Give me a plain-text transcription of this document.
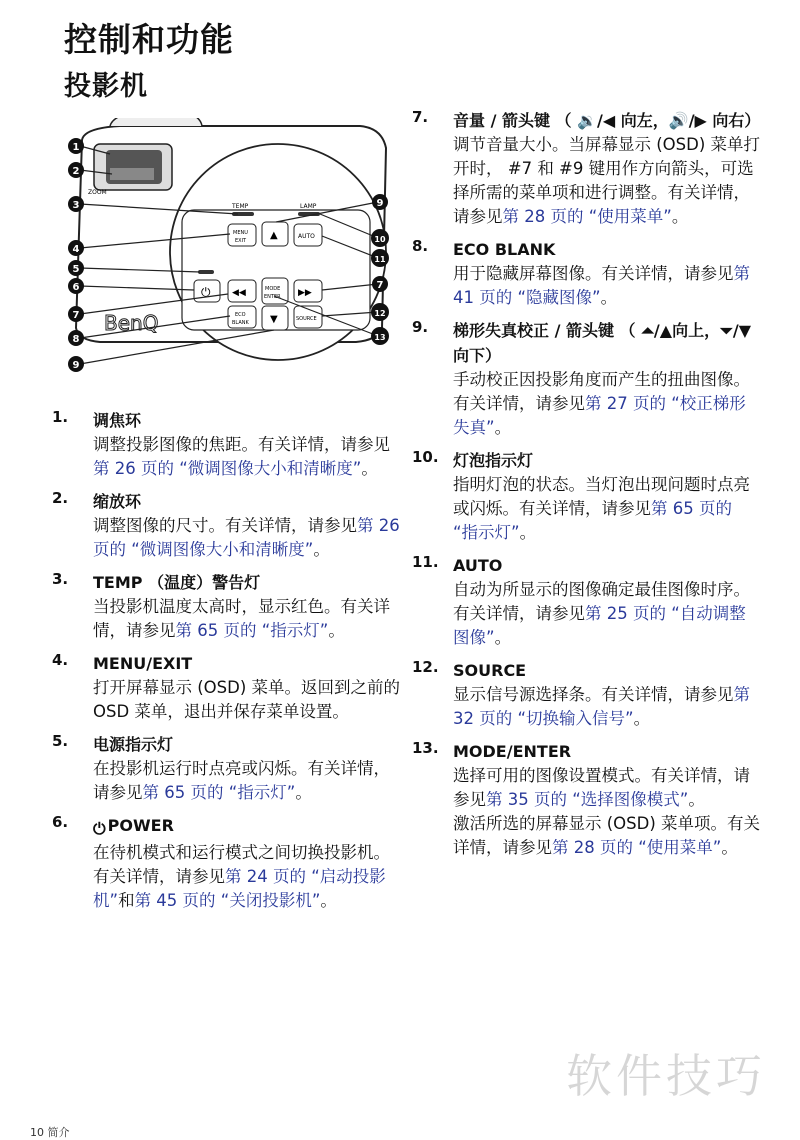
控制和功能
投影机
ZOOM
BenQ
TEMP	LAMP
MENU
EXIT ▲	AUTO
⏻ ◀◀	MODE
ENTER ▶▶
ECO
BLANK ▼	SOURCE
1
2
3
4
5
6
7
8
9
9
10
11
7
12
13
1. 调焦环
调整投影图像的焦距。有关详情，请参见第 26 页的 “微调图像大小和清晰度”。
2. 缩放环
调整图像的尺寸。有关详情，请参见第 26 页的 “微调图像大小和清晰度”。
3. TEMP （温度）警告灯
当投影机温度太高时，显示红色。有关详情，请参见第 65 页的 “指示灯”。
4. MENU/EXIT
打开屏幕显示 (OSD) 菜单。返回到之前的 OSD 菜单，退出并保存菜单设置。
5. 电源指示灯
在投影机运行时点亮或闪烁。有关详情，请参见第 65 页的 “指示灯”。
6. ⏻ POWER
在待机模式和运行模式之间切换投影机。有关详情，请参见第 24 页的 “启动投影机”和第 45 页的 “关闭投影机”。
7. 音量 / 箭头键 （ 🔉/◀ 向左，🔊/▶ 向右）
调节音量大小。当屏幕显示 (OSD) 菜单打开时， #7 和 #9 键用作方向箭头，可选择所需的菜单项和进行调整。有关详情，请参见第 28 页的 “使用菜单”。
8. ECO BLANK
用于隐藏屏幕图像。有关详情，请参见第 41 页的 “隐藏图像”。
9. 梯形失真校正 / 箭头键 （ ⏶/▲向上，⏷/▼ 向下）
手动校正因投影角度而产生的扭曲图像。有关详情，请参见第 27 页的 “校正梯形失真”。
10. 灯泡指示灯
指明灯泡的状态。当灯泡出现问题时点亮或闪烁。有关详情，请参见第 65 页的 “指示灯”。
11. AUTO
自动为所显示的图像确定最佳图像时序。有关详情，请参见第 25 页的 “自动调整图像”。
12. SOURCE
显示信号源选择条。有关详情，请参见第 32 页的 “切换输入信号”。
13. MODE/ENTER
选择可用的图像设置模式。有关详情，请参见第 35 页的 “选择图像模式”。
激活所选的屏幕显示 (OSD) 菜单项。有关详情，请参见第 28 页的 “使用菜单”。
软件技巧
10 简介
